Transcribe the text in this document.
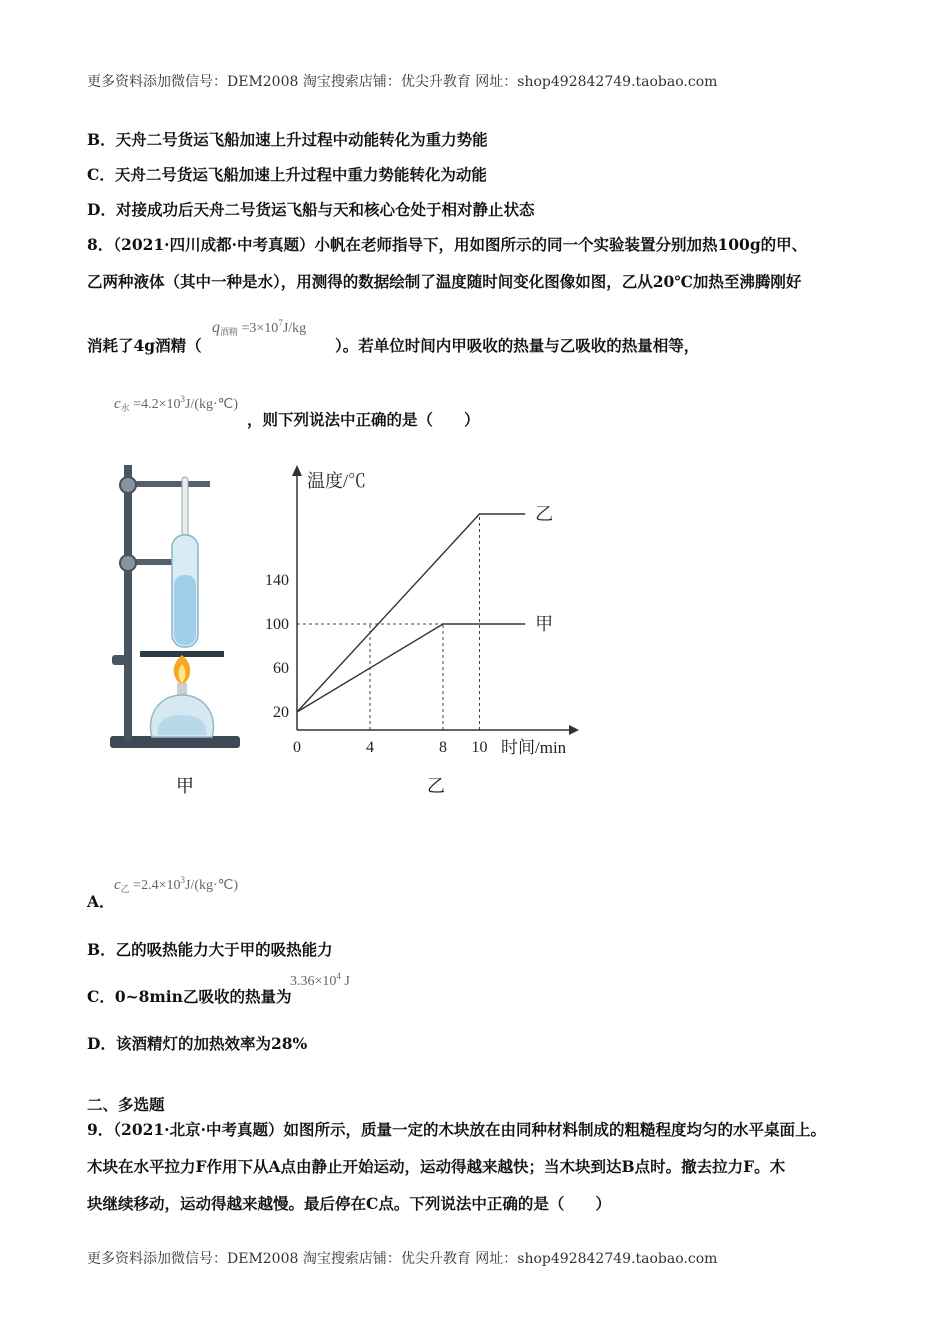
更多资料添加微信号：DEM2008 淘宝搜索店铺：优尖升教育 网址：shop492842749.taobao.com
B．天舟二号货运飞船加速上升过程中动能转化为重力势能
C．天舟二号货运飞船加速上升过程中重力势能转化为动能
D．对接成功后天舟二号货运飞船与天和核心仓处于相对静止状态
8．（2021·四川成都·中考真题）小帆在老师指导下，用如图所示的同一个实验装置分别加热100g的甲、
乙两种液体（其中一种是水），用测得的数据绘制了温度随时间变化图像如图，乙从20℃加热至沸腾刚好
消耗了4g酒精（
$q_{酒精} =3\times 10^7J/kg$
）。若单位时间内甲吸收的热量与乙吸收的热量相等，
$c_水$ $=4.2\times 10^3J/(kg\cdot℃)$
，则下列说法中正确的是（　　）
甲
乙
甲
20
60
100
140
0	4	8 10
温度/℃
时间/min
乙
A．
$c_乙$ $=2.4\times 10^3J/(kg\cdot℃)$
B．乙的吸热能力大于甲的吸热能力
C．0~8min乙吸收的热量为
$3.36\times 10^4$ J
D．该酒精灯的加热效率为28%
二、多选题
9．（2021·北京·中考真题）如图所示，质量一定的木块放在由同种材料制成的粗糙程度均匀的水平桌面上。
木块在水平拉力F作用下从A点由静止开始运动，运动得越来越快；当木块到达B点时。撤去拉力F。木
块继续移动，运动得越来越慢。最后停在C点。下列说法中正确的是（　　）
更多资料添加微信号：DEM2008 淘宝搜索店铺：优尖升教育 网址：shop492842749.taobao.com
